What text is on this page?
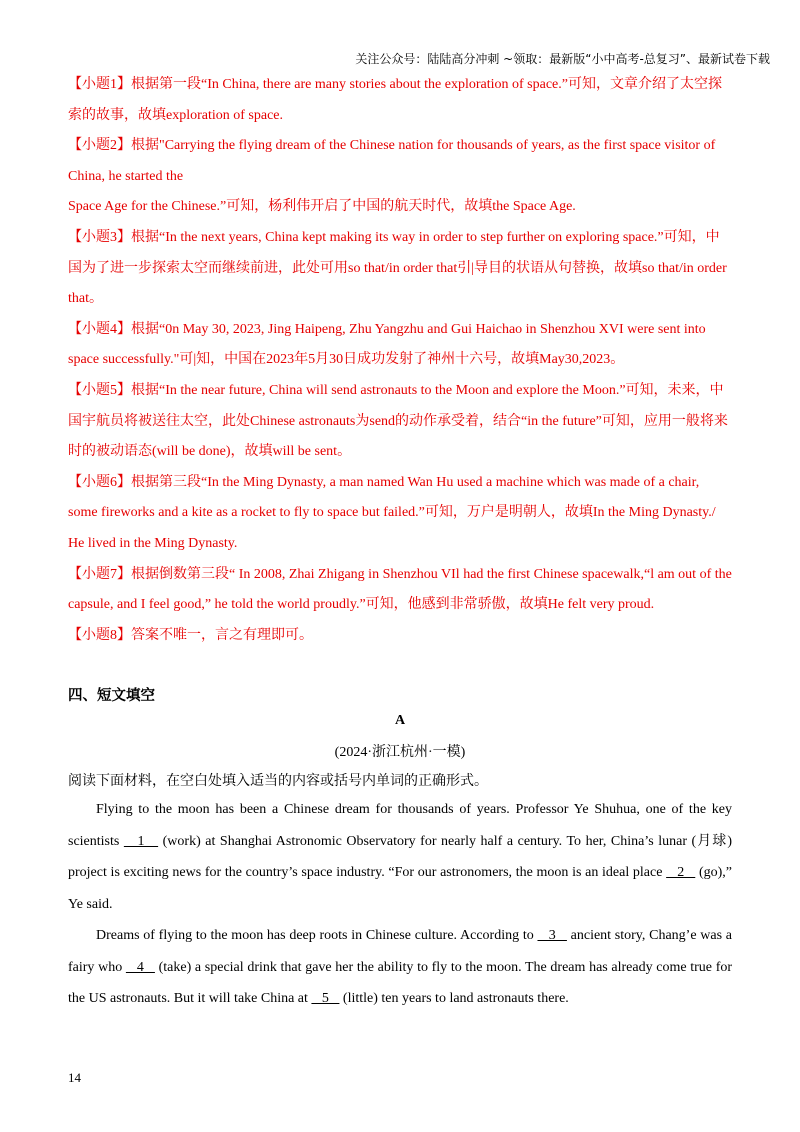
关注公众号：陆陆高分冲刺 ~领取：最新版“小中高考-总复习”、最新试卷下载

【小题1】根据第一段“In China, there are many stories about the exploration of space.”可知，文章介绍了太空探索的故事，故填exploration of space.

【小题2】根据"Carrying the flying dream of the Chinese nation for thousands of years, as the first space visitor of China, he started the

Space Age for the Chinese.”可知，杨利伟开启了中国的航天时代，故填the Space Age.

【小题3】根据“In the next years, China kept making its way in order to step further on exploring space.”可知，中国为了进一步探索太空而继续前进，此处可用so that/in order that引|导目的状语从句替换，故填so that/in order that。

【小题4】根据“0n May 30, 2023, Jing Haipeng, Zhu Yangzhu and Gui Haichao in Shenzhou XVI were sent into space successfully."可|知，中国在2023年5月30日成功发射了神州十六号，故填May30,2023。

【小题5】根据“In the near future, China will send astronauts to the Moon and explore the Moon.”可知，未来，中国宇航员将被送往太空，此处Chinese astronauts为send的动作承受着，结合“in the future”可知，应用一般将来时的被动语态(will be done)，故填will be sent。

【小题6】根据第三段“In the Ming Dynasty, a man named Wan Hu used a machine which was made of a chair, some fireworks and a kite as a rocket to fly to space but failed.”可知，万户是明朝人，故填In the Ming Dynasty./ He lived in the Ming Dynasty.

【小题7】根据倒数第三段“ In 2008, Zhai Zhigang in Shenzhou VIl had the first Chinese spacewalk,“l am out of the capsule, and I feel good,” he told the world proudly.”可知，他感到非常骄傲，故填He felt very proud.

【小题8】答案不唯一，言之有理即可。

四、短文填空
A
(2024·浙江杭州·一模)
阅读下面材料，在空白处填入适当的内容或括号内单词的正确形式。

Flying to the moon has been a Chinese dream for thousands of years. Professor Ye Shuhua, one of the key scientists    1    (work) at Shanghai Astronomic Observatory for nearly half a century. To her, China’s lunar (月球) project is exciting news for the country’s space industry. “For our astronomers, the moon is an ideal place    2    (go),” Ye said.

Dreams of flying to the moon has deep roots in Chinese culture. According to    3    ancient story, Chang’e was a fairy who    4    (take) a special drink that gave her the ability to fly to the moon. The dream has already come true for the US astronauts. But it will take China at    5    (little) ten years to land astronauts there.

14
